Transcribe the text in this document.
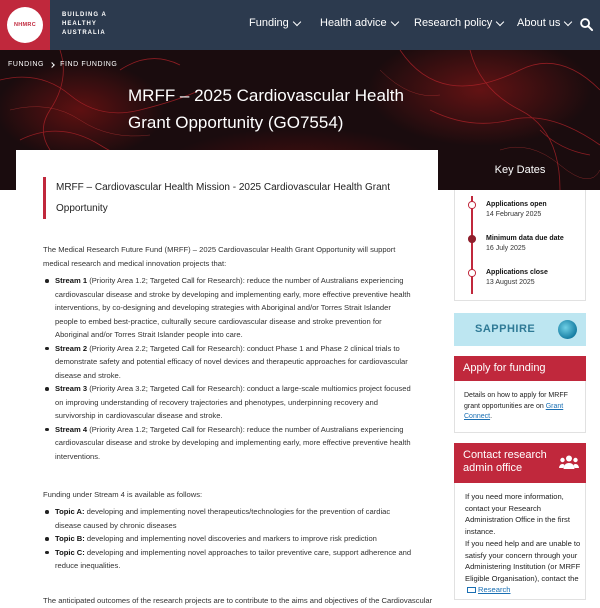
NHMRC
BUILDING A HEALTHY AUSTRALIA
Funding	Health advice Research policy About us
FUNDING FIND FUNDING
MRFF – 2025 Cardiovascular Health Grant Opportunity (GO7554)

MRFF – Cardiovascular Health Mission - 2025 Cardiovascular Health Grant Opportunity

The Medical Research Future Fund (MRFF) – 2025 Cardiovascular Health Grant Opportunity will support medical research and medical innovation projects that:

Stream 1 (Priority Area 1.2; Targeted Call for Research): reduce the number of Australians experiencing cardiovascular disease and stroke by developing and implementing early, more effective preventive health interventions, by co-designing and developing strategies with Aboriginal and/or Torres Strait Islander people to embed best-practice, culturally secure cardiovascular disease and stroke prevention for Aboriginal and/or Torres Strait Islander people into care.
Stream 2 (Priority Area 2.2; Targeted Call for Research): conduct Phase 1 and Phase 2 clinical trials to demonstrate safety and potential efficacy of novel devices and therapeutic approaches for cardiovascular disease and stroke.
Stream 3 (Priority Area 3.2; Targeted Call for Research): conduct a large-scale multiomics project focused on improving understanding of recovery trajectories and phenotypes, underpinning recovery and survivorship in cardiovascular disease and stroke.
Stream 4 (Priority Area 1.2; Targeted Call for Research): reduce the number of Australians experiencing cardiovascular disease and stroke by developing and implementing early, more effective preventive health interventions.

Funding under Stream 4 is available as follows:

Topic A: developing and implementing novel therapeutics/technologies for the prevention of cardiac disease caused by chronic diseases
Topic B: developing and implementing novel discoveries and markers to improve risk prediction
Topic C: developing and implementing novel approaches to tailor preventive care, support adherence and reduce inequalities.

The anticipated outcomes of the research projects are to contribute to the aims and objectives of the Cardiovascular

Key Dates
Applications open
14 February 2025
Minimum data due date
16 July 2025
Applications close
13 August 2025
SAPPHIRE
Apply for funding

Details on how to apply for MRFF grant opportunities are on Grant Connect.

Contact research admin office

If you need more information, contact your Research Administration Office in the first instance.

If you need help and are unable to satisfy your concern through your Administering Institution (or MRFF Eligible Organisation), contact the Research
